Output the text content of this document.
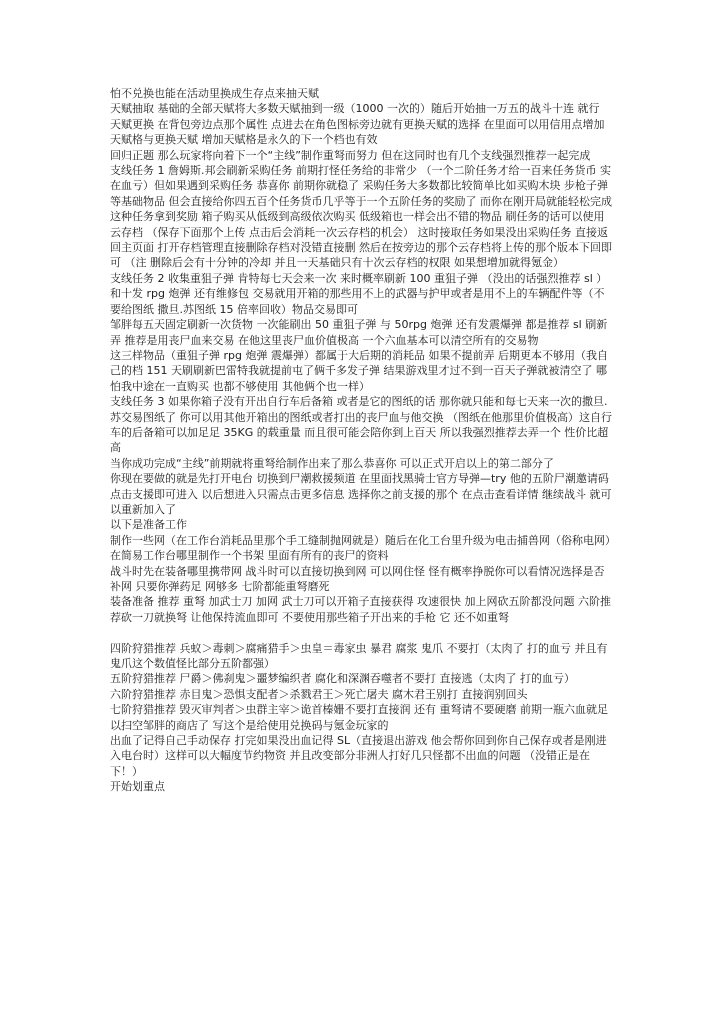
怕不兑换也能在活动里换成生存点来抽天赋

天赋抽取 基础的全部天赋将大多数天赋抽到一级（1000 一次的）随后开始抽一万五的战斗十连 就行

天赋更换 在背包旁边点那个属性 点进去在角色图标旁边就有更换天赋的选择 在里面可以用信用点增加天赋格与更换天赋 增加天赋格是永久的下一个档也有效

回归正题 那么玩家将向着下一个“主线”制作重弩而努力 但在这同时也有几个支线强烈推荐一起完成

支线任务 1 詹姆斯.邦会刷新采购任务 前期打怪任务给的非常少 （一个二阶任务才给一百来任务货币 实在血亏）但如果遇到采购任务 恭喜你 前期你就稳了 采购任务大多数都比较简单比如买购木块 步枪子弹 等基础物品 但会直接给你四五百个任务货币几乎等于一个五阶任务的奖励了 而你在刚开局就能轻松完成这种任务拿到奖励 箱子购买从低级到高级依次购买 低级箱也一样会出不错的物品 刷任务的话可以使用云存档 （保存下面那个上传 点击后会消耗一次云存档的机会） 这时接取任务如果没出采购任务 直接返回主页面 打开存档管理直接删除存档对没错直接删 然后在按旁边的那个云存档将上传的那个版本下回即可 （注 删除后会有十分钟的冷却 并且一天基础只有十次云存档的权限 如果想增加就得氪金）

支线任务 2 收集重狙子弹 肯特每七天会来一次 来时概率刷新 100 重狙子弹 （没出的话强烈推荐 sl ） 和十发 rpg 炮弹 还有维修包 交易就用开箱的那些用不上的武器与护甲或者是用不上的车辆配件等（不要给图纸 撒旦.苏图纸 15 倍率回收）物品交易即可

邹胖每五天固定刷新一次货物 一次能刷出 50 重狙子弹 与 50rpg 炮弹 还有发震爆弹 都是推荐 sl 刷新弄 推荐是用丧尸血来交易 在他这里丧尸血价值极高 一个六血基本可以清空所有的交易物

这三样物品（重狙子弹 rpg 炮弹 震爆弹）都属于大后期的消耗品 如果不提前弄 后期更本不够用（我自己的档 151 天刷刷新巴雷特我就提前屯了俩千多发子弹 结果游戏里才过不到一百天子弹就被清空了 哪怕我中途在一直购买 也都不够使用 其他俩个也一样）

支线任务 3 如果你箱子没有开出自行车后备箱 或者是它的图纸的话 那你就只能和每七天来一次的撒旦.苏交易图纸了 你可以用其他开箱出的图纸或者打出的丧尸血与他交换 （图纸在他那里价值极高）这自行车的后备箱可以加足足 35KG 的载重量 而且很可能会陪你到上百天 所以我强烈推荐去弄一个 性价比超高

当你成功完成“主线”前期就将重弩给制作出来了那么恭喜你 可以正式开启以上的第二部分了

你现在要做的就是先打开电台 切换到尸潮救援频道 在里面找黑骑士官方导弹—try 他的五阶尸潮邀请码 点击支援即可进入 以后想进入只需点击更多信息 选择你之前支援的那个 在点击查看详情 继续战斗 就可以重新加入了

以下是准备工作

制作一些网（在工作台消耗品里那个手工缝制抛网就是）随后在化工台里升级为电击捕兽网（俗称电网）

在简易工作台哪里制作一个书架 里面有所有的丧尸的资料

战斗时先在装备哪里携带网 战斗时可以直接切换到网 可以网住怪 怪有概率挣脱你可以看情况选择是否补网 只要你弹药足 网够多 七阶都能重弩磨死

装备准备 推荐 重弩 加武士刀 加网 武士刀可以开箱子直接获得 攻速很快 加上网砍五阶都没问题 六阶推荐砍一刀就换弩 让他保持流血即可 不要使用那些箱子开出来的手枪 它 还不如重弩

四阶狩猎推荐 兵蚁＞毒刺＞腐痛猎手＞虫皇＝毒家虫 暴君 腐浆 鬼爪 不要打（太肉了 打的血亏 并且有鬼爪这个数值怪比部分五阶都强）

五阶狩猎推荐 尸爵＞佛刹鬼＞噩梦编织者 腐化和深渊吞噬者不要打 直接逃（太肉了 打的血亏）

六阶狩猎推荐 赤目鬼＞恐惧支配者＞杀戮君王＞死亡屠夫 腐木君王别打 直接润别回头

七阶狩猎推荐 毁灭审判者＞虫群主宰＞诡首榛姗不要打直接润 还有 重弩请不要硬磨 前期一瓶六血就足以扫空邹胖的商店了 写这个是给使用兑换码与氪金玩家的

出血了记得自己手动保存 打完如果没出血记得 SL（直接退出游戏 他会帮你回到你自己保存或者是刚进入电台时）这样可以大幅度节约物资 并且改变部分非洲人打好几只怪都不出血的问题 （没错正是在下！）

开始划重点
